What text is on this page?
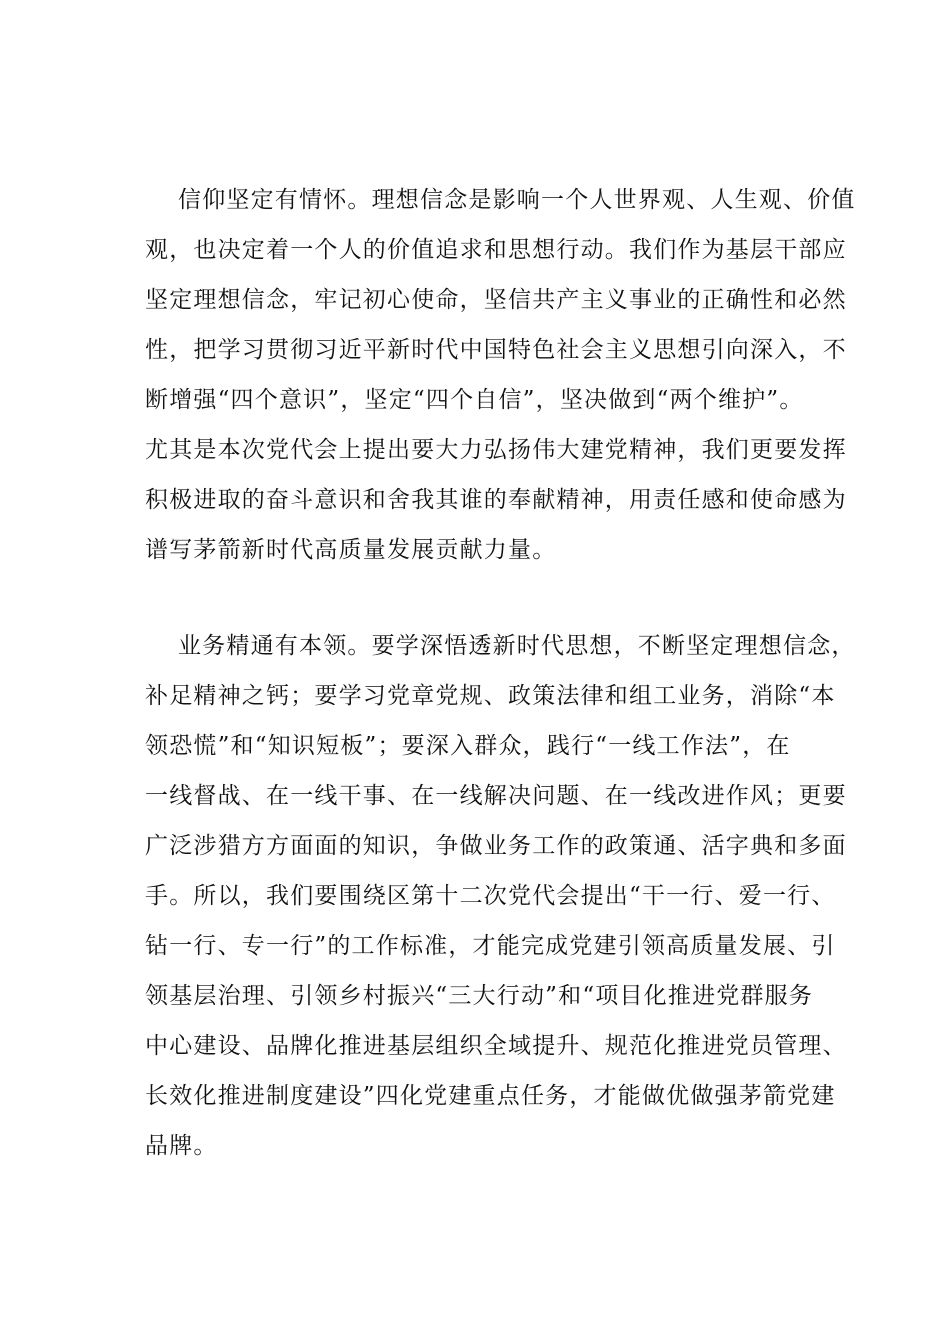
信仰坚定有情怀。理想信念是影响一个人世界观、人生观、价值
观，也决定着一个人的价值追求和思想行动。我们作为基层干部应
坚定理想信念，牢记初心使命，坚信共产主义事业的正确性和必然
性，把学习贯彻习近平新时代中国特色社会主义思想引向深入，不
断增强“四个意识”，坚定“四个自信”，坚决做到“两个维护”。
尤其是本次党代会上提出要大力弘扬伟大建党精神，我们更要发挥
积极进取的奋斗意识和舍我其谁的奉献精神，用责任感和使命感为
谱写茅箭新时代高质量发展贡献力量。

业务精通有本领。要学深悟透新时代思想，不断坚定理想信念，
补足精神之钙；要学习党章党规、政策法律和组工业务，消除“本
领恐慌”和“知识短板”；要深入群众，践行“一线工作法”，在
一线督战、在一线干事、在一线解决问题、在一线改进作风；更要
广泛涉猎方方面面的知识，争做业务工作的政策通、活字典和多面
手。所以，我们要围绕区第十二次党代会提出“干一行、爱一行、
钻一行、专一行”的工作标准，才能完成党建引领高质量发展、引
领基层治理、引领乡村振兴“三大行动”和“项目化推进党群服务
中心建设、品牌化推进基层组织全域提升、规范化推进党员管理、
长效化推进制度建设”四化党建重点任务，才能做优做强茅箭党建
品牌。
